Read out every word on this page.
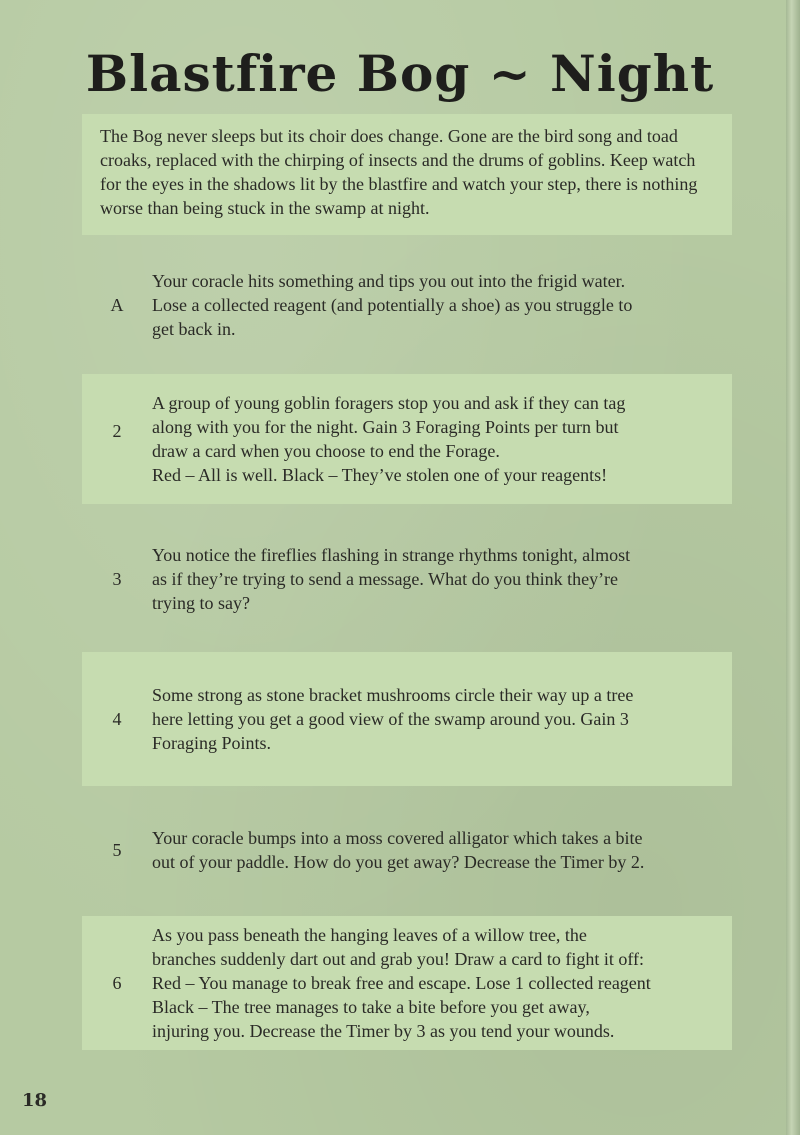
Blastfire Bog ~ Night
The Bog never sleeps but its choir does change. Gone are the bird song and toad croaks, replaced with the chirping of insects and the drums of goblins. Keep watch for the eyes in the shadows lit by the blastfire and watch your step, there is nothing worse than being stuck in the swamp at night.
A
Your coracle hits something and tips you out into the frigid water.
Lose a collected reagent (and potentially a shoe) as you struggle to
get back in.
2
A group of young goblin foragers stop you and ask if they can tag
along with you for the night. Gain 3 Foraging Points per turn but
draw a card when you choose to end the Forage.
Red – All is well. Black – They’ve stolen one of your reagents!
3
You notice the fireflies flashing in strange rhythms tonight, almost
as if they’re trying to send a message. What do you think they’re
trying to say?
4
Some strong as stone bracket mushrooms circle their way up a tree
here letting you get a good view of the swamp around you. Gain 3
Foraging Points.
5
Your coracle bumps into a moss covered alligator which takes a bite
out of your paddle. How do you get away? Decrease the Timer by 2.
6
As you pass beneath the hanging leaves of a willow tree, the
branches suddenly dart out and grab you! Draw a card to fight it off:
Red – You manage to break free and escape. Lose 1 collected reagent
Black – The tree manages to take a bite before you get away,
injuring you. Decrease the Timer by 3 as you tend your wounds.
18
